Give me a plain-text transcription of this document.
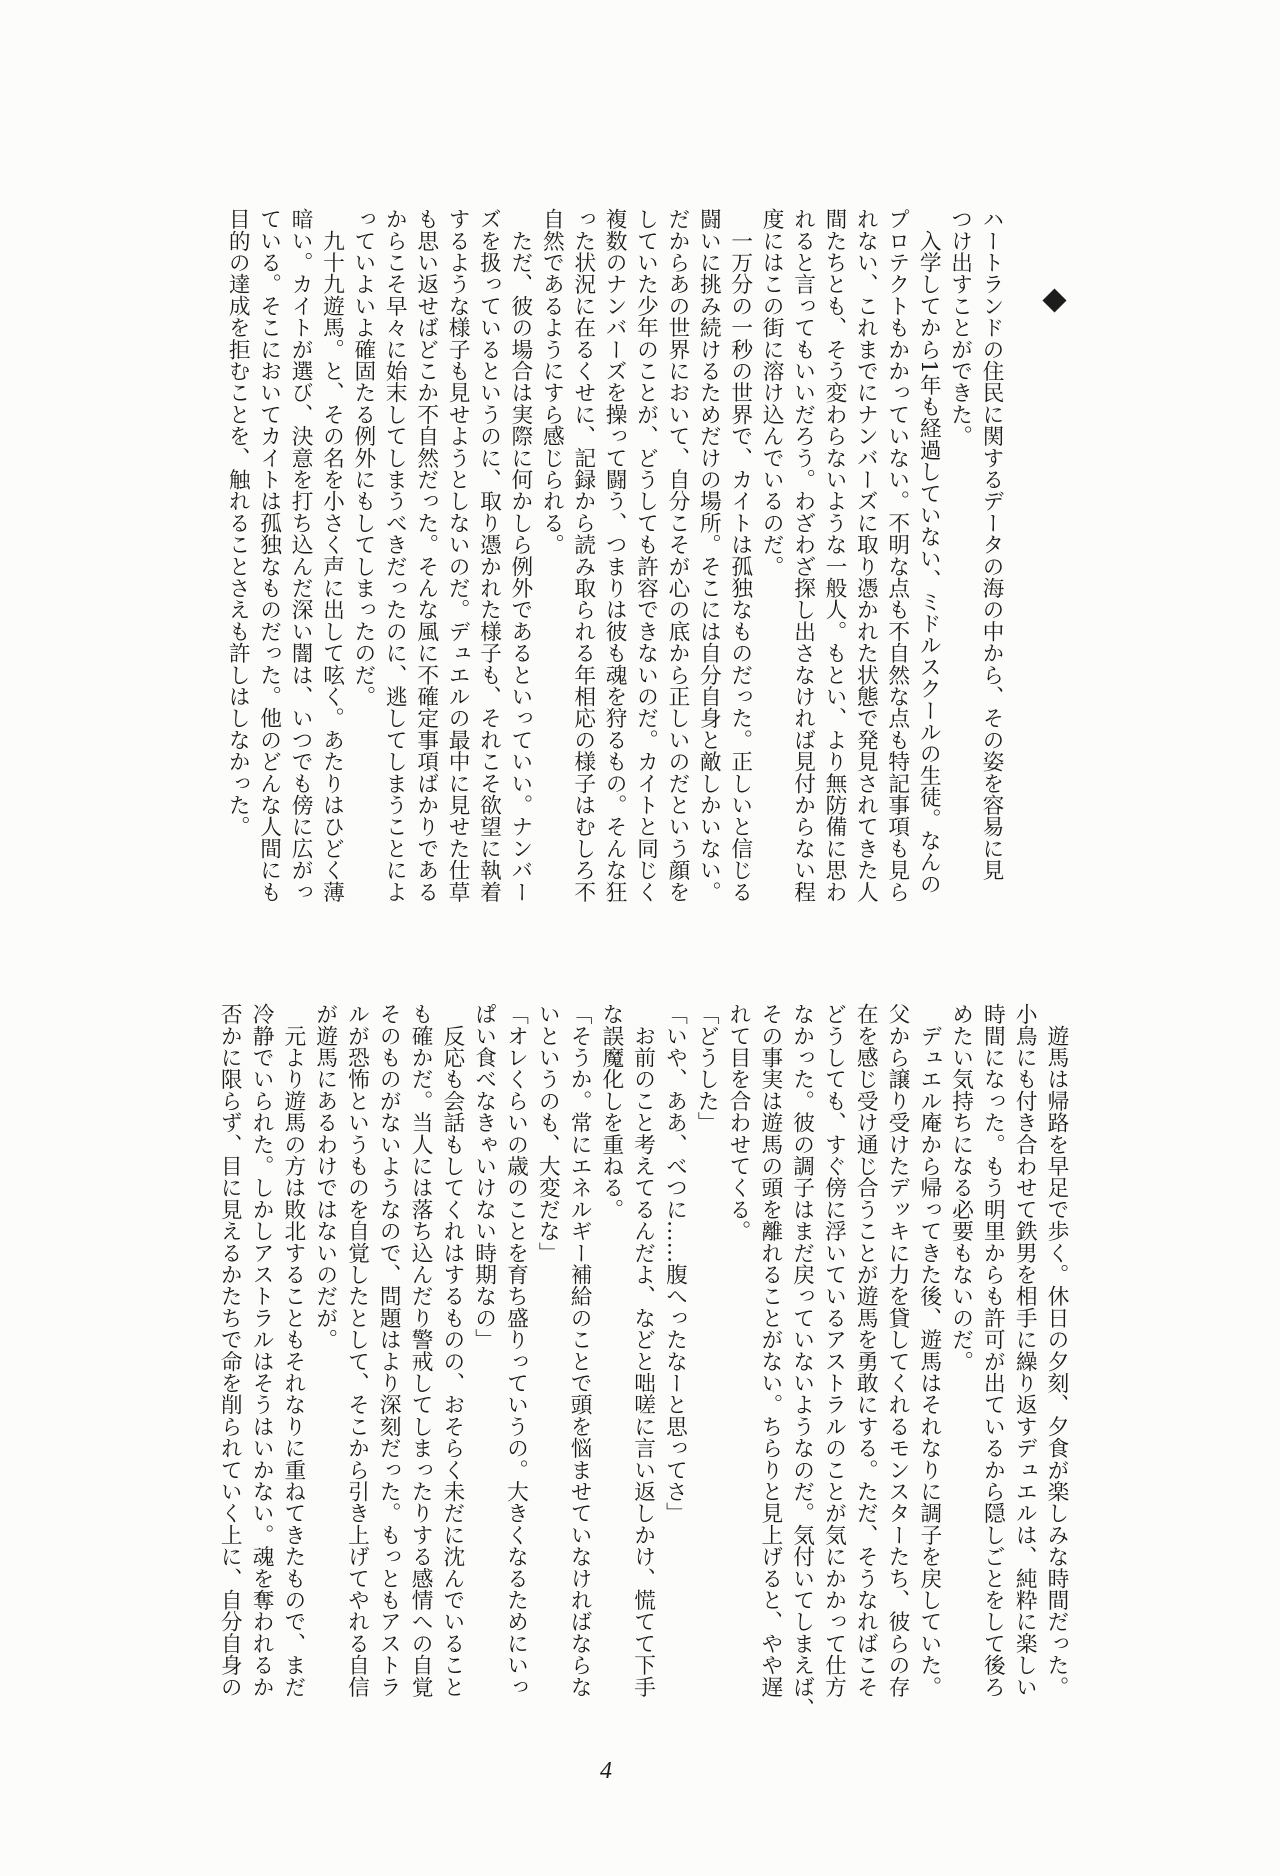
ハートランドの住民に関するデータの海の中から、その姿を容易に見
つけ出すことができた。
　入学してから1年も経過していない、ミドルスクールの生徒。なんの
プロテクトもかかっていない。不明な点も不自然な点も特記事項も見ら
れない、これまでにナンバーズに取り憑かれた状態で発見されてきた人
間たちとも、そう変わらないような一般人。もとい、より無防備に思わ
れると言ってもいいだろう。わざわざ探し出さなければ見付からない程
度にはこの街に溶け込んでいるのだ。
　一万分の一秒の世界で、カイトは孤独なものだった。正しいと信じる
闘いに挑み続けるためだけの場所。そこには自分自身と敵しかいない。
だからあの世界において、自分こそが心の底から正しいのだという顔を
していた少年のことが、どうしても許容できないのだ。カイトと同じく
複数のナンバーズを操って闘う、つまりは彼も魂を狩るもの。そんな狂
った状況に在るくせに、記録から読み取られる年相応の様子はむしろ不
自然であるようにすら感じられる。
　ただ、彼の場合は実際に何かしら例外であるといっていい。ナンバー
ズを扱っているというのに、取り憑かれた様子も、それこそ欲望に執着
するような様子も見せようとしないのだ。デュエルの最中に見せた仕草
も思い返せばどこか不自然だった。そんな風に不確定事項ばかりである
からこそ早々に始末してしまうべきだったのに、逃してしまうことによ
っていよいよ確固たる例外にもしてしまったのだ。
　九十九遊馬。と、その名を小さく声に出して呟く。あたりはひどく薄
暗い。カイトが選び、決意を打ち込んだ深い闇は、いつでも傍に広がっ
ている。そこにおいてカイトは孤独なものだった。他のどんな人間にも
目的の達成を拒むことを、触れることさえも許しはしなかった。
　遊馬は帰路を早足で歩く。休日の夕刻、夕食が楽しみな時間だった。
小鳥にも付き合わせて鉄男を相手に繰り返すデュエルは、純粋に楽しい
時間になった。もう明里からも許可が出ているから隠しごとをして後ろ
めたい気持ちになる必要もないのだ。
　デュエル庵から帰ってきた後、遊馬はそれなりに調子を戻していた。
父から譲り受けたデッキに力を貸してくれるモンスターたち、彼らの存
在を感じ受け通じ合うことが遊馬を勇敢にする。ただ、そうなればこそ
どうしても、すぐ傍に浮いているアストラルのことが気にかかって仕方
なかった。彼の調子はまだ戻っていないようなのだ。気付いてしまえば、
その事実は遊馬の頭を離れることがない。ちらりと見上げると、やや遅
れて目を合わせてくる。
「どうした」
「いや、ああ、べつに……腹へったなーと思ってさ」
　お前のこと考えてるんだよ、などと咄嗟に言い返しかけ、慌てて下手
な誤魔化しを重ねる。
「そうか。常にエネルギー補給のことで頭を悩ませていなければならな
いというのも、大変だな」
「オレくらいの歳のことを育ち盛りっていうの。大きくなるためにいっ
ぱい食べなきゃいけない時期なの」
　反応も会話もしてくれはするものの、おそらく未だに沈んでいること
も確かだ。当人には落ち込んだり警戒してしまったりする感情への自覚
そのものがないようなので、問題はより深刻だった。もっともアストラ
ルが恐怖というものを自覚したとして、そこから引き上げてやれる自信
が遊馬にあるわけではないのだが。
　元より遊馬の方は敗北することもそれなりに重ねてきたもので、まだ
冷静でいられた。しかしアストラルはそうはいかない。魂を奪われるか
否かに限らず、目に見えるかたちで命を削られていく上に、自分自身の
4
